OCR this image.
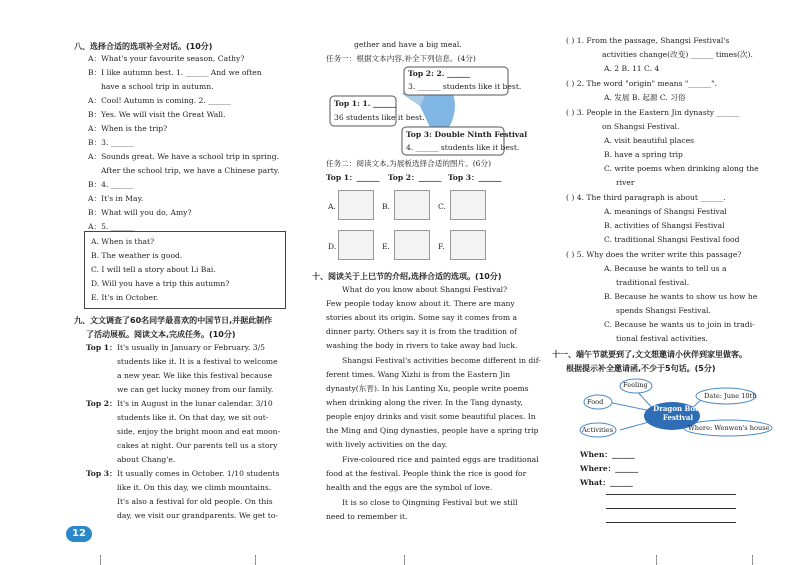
八、选择合适的选项补全对话。(10分)
A：What's your favourite season, Cathy?
B：I like autumn best. 1. ______ And we often
have a school trip in autumn.
A：Cool! Autumn is coming. 2. ______
B：Yes. We will visit the Great Wall.
A：When is the trip?
B：3. ______
A：Sounds great. We have a school trip in spring.
After the school trip, we have a Chinese party.
B：4. ______
A：It's in May.
B：What will you do, Amy?
A：5. ______
A. When is that?
B. The weather is good.
C. I will tell a story about Li Bai.
D. Will you have a trip this autumn?
E. It's in October.
九、文文调查了60名同学最喜欢的中国节日,并据此制作
了活动展板。阅读文本,完成任务。(10分)
Top 1： It's usually in January or February. 3/5
students like it. It is a festival to welcome
a new year. We like this festival because
we can get lucky money from our family.
Top 2： It's in August in the lunar calendar. 3/10
students like it. On that day, we sit out-
side, enjoy the bright moon and eat moon-
cakes at night. Our parents tell us a story
about Chang'e.
Top 3： It usually comes in October. 1/10 students
like it. On this day, we climb mountains.
It's also a festival for old people. On this
day, we visit our grandparents. We get to-
12
gether and have a big meal.
任务一：根据文本内容,补全下列信息。(4分)
Top 2: 2. ______
3. ______ students like it best.
Top 1: 1. ______
36 students like it best.
Top 3: Double Ninth Festival
4. ______ students like it best.
任务二：阅读文本,为展板选择合适的图片。(6分)
Top 1：______ Top 2：______ Top 3：______
A.	B.	C.
D.	E.	F.
十、阅读关于上巳节的介绍,选择合适的选项。(10分)
What do you know about Shangsi Festival?
Few people today know about it. There are many
stories about its origin. Some say it comes from a
dinner party. Others say it is from the tradition of
washing the body in rivers to take away bad luck.
Shangsi Festival's activities become different in dif-
ferent times. Wang Xizhi is from the Eastern Jin
dynasty(东晋). In his Lanting Xu, people write poems
when drinking along the river. In the Tang dynasty,
people enjoy drinks and visit some beautiful places. In
the Ming and Qing dynasties, people have a spring trip
with lively activities on the day.
Five-coloured rice and painted eggs are traditional
food at the festival. People think the rice is good for
health and the eggs are the symbol of love.
It is so close to Qingming Festival but we still
need to remember it.
( ) 1. From the passage, Shangsi Festival's
activities change(改变) ______ times(次).
A. 2 B. 11 C. 4
( ) 2. The word "origin" means "______".
A. 发展 B. 起源 C. 习俗
( ) 3. People in the Eastern Jin dynasty ______
on Shangsi Festival.
A. visit beautiful places
B. have a spring trip
C. write poems when drinking along the
river
( ) 4. The third paragraph is about ______.
A. meanings of Shangsi Festival
B. activities of Shangsi Festival
C. traditional Shangsi Festival food
( ) 5. Why does the writer write this passage?
A. Because he wants to tell us a
traditional festival.
B. Because he wants to show us how he
spends Shangsi Festival.
C. Because he wants us to join in tradi-
tional festival activities.
十一、端午节就要到了,文文想邀请小伙伴到家里做客。
根据提示补全邀请函,不少于5句话。(5分)
Feeling
Food
Date: June 10th
Activities	Where: Wenwen's house
Dragon Boat Festival
When：______
Where：______
What：______
